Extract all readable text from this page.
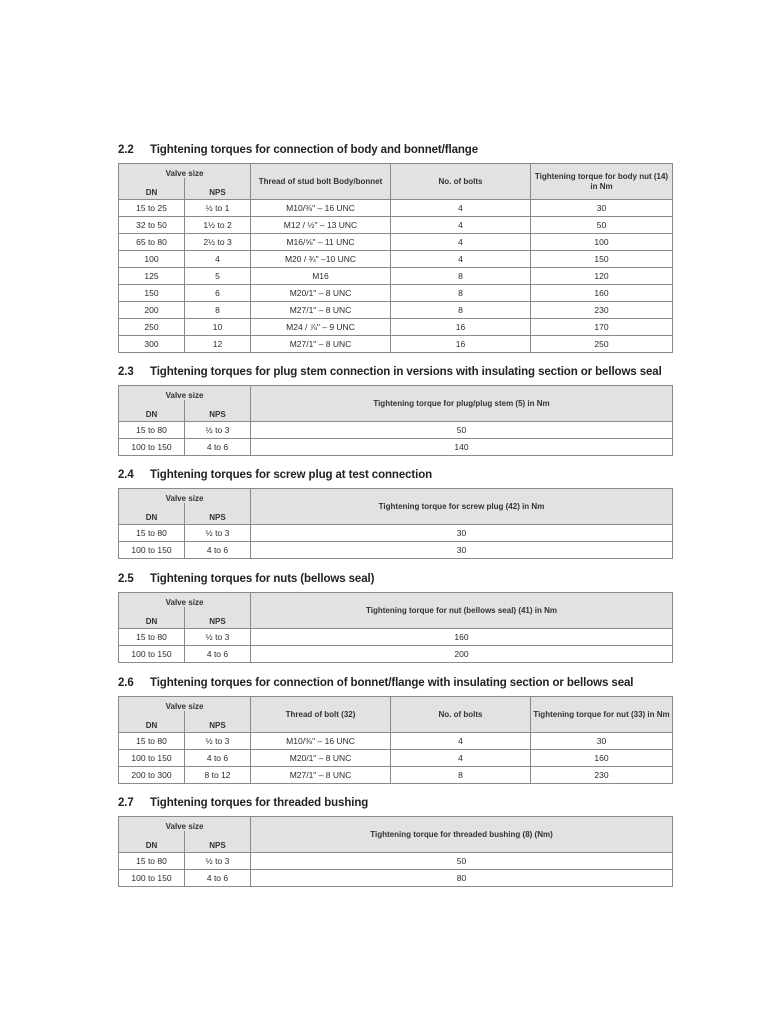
2.2 Tightening torques for connection of body and bonnet/flange
Valve size		Thread of stud bolt Body/bonnet	No. of bolts	Tightening torque for body nut (14) in Nm
DN	NPS			
15 to 25	½ to 1	M10/⅜" – 16 UNC	4	30
32 to 50	1½ to 2	M12 / ½" – 13 UNC	4	50
65 to 80	2½ to 3	M16/⅝" – 11 UNC	4	100
100	4	M20 / ¾" –10 UNC	4	150
125	5	M16	8	120
150	6	M20/1" – 8 UNC	8	160
200	8	M27/1" – 8 UNC	8	230
250	10	M24 / ⅞" – 9 UNC	16	170
300	12	M27/1" – 8 UNC	16	250
2.3 Tightening torques for plug stem connection in versions with insulating section or bellows seal
Valve size		Tightening torque for plug/plug stem (5) in Nm
DN	NPS	
15 to 80	½ to 3	50
100 to 150	4 to 6	140
2.4 Tightening torques for screw plug at test connection
Valve size		Tightening torque for screw plug (42) in Nm
DN	NPS	
15 to 80	½ to 3	30
100 to 150	4 to 6	30
2.5 Tightening torques for nuts (bellows seal)
Valve size		Tightening torque for nut (bellows seal) (41) in Nm
DN	NPS	
15 to 80	½ to 3	160
100 to 150	4 to 6	200
2.6 Tightening torques for connection of bonnet/flange with insulating section or bellows seal
Valve size		Thread of bolt (32)	No. of bolts	Tightening torque for nut (33) in Nm
DN	NPS			
15 to 80	½ to 3	M10/⅜" – 16 UNC	4	30
100 to 150	4 to 6	M20/1" – 8 UNC	4	160
200 to 300	8 to 12	M27/1" – 8 UNC	8	230
2.7 Tightening torques for threaded bushing
Valve size		Tightening torque for threaded bushing (8) (Nm)
DN	NPS	
15 to 80	½ to 3	50
100 to 150	4 to 6	80
